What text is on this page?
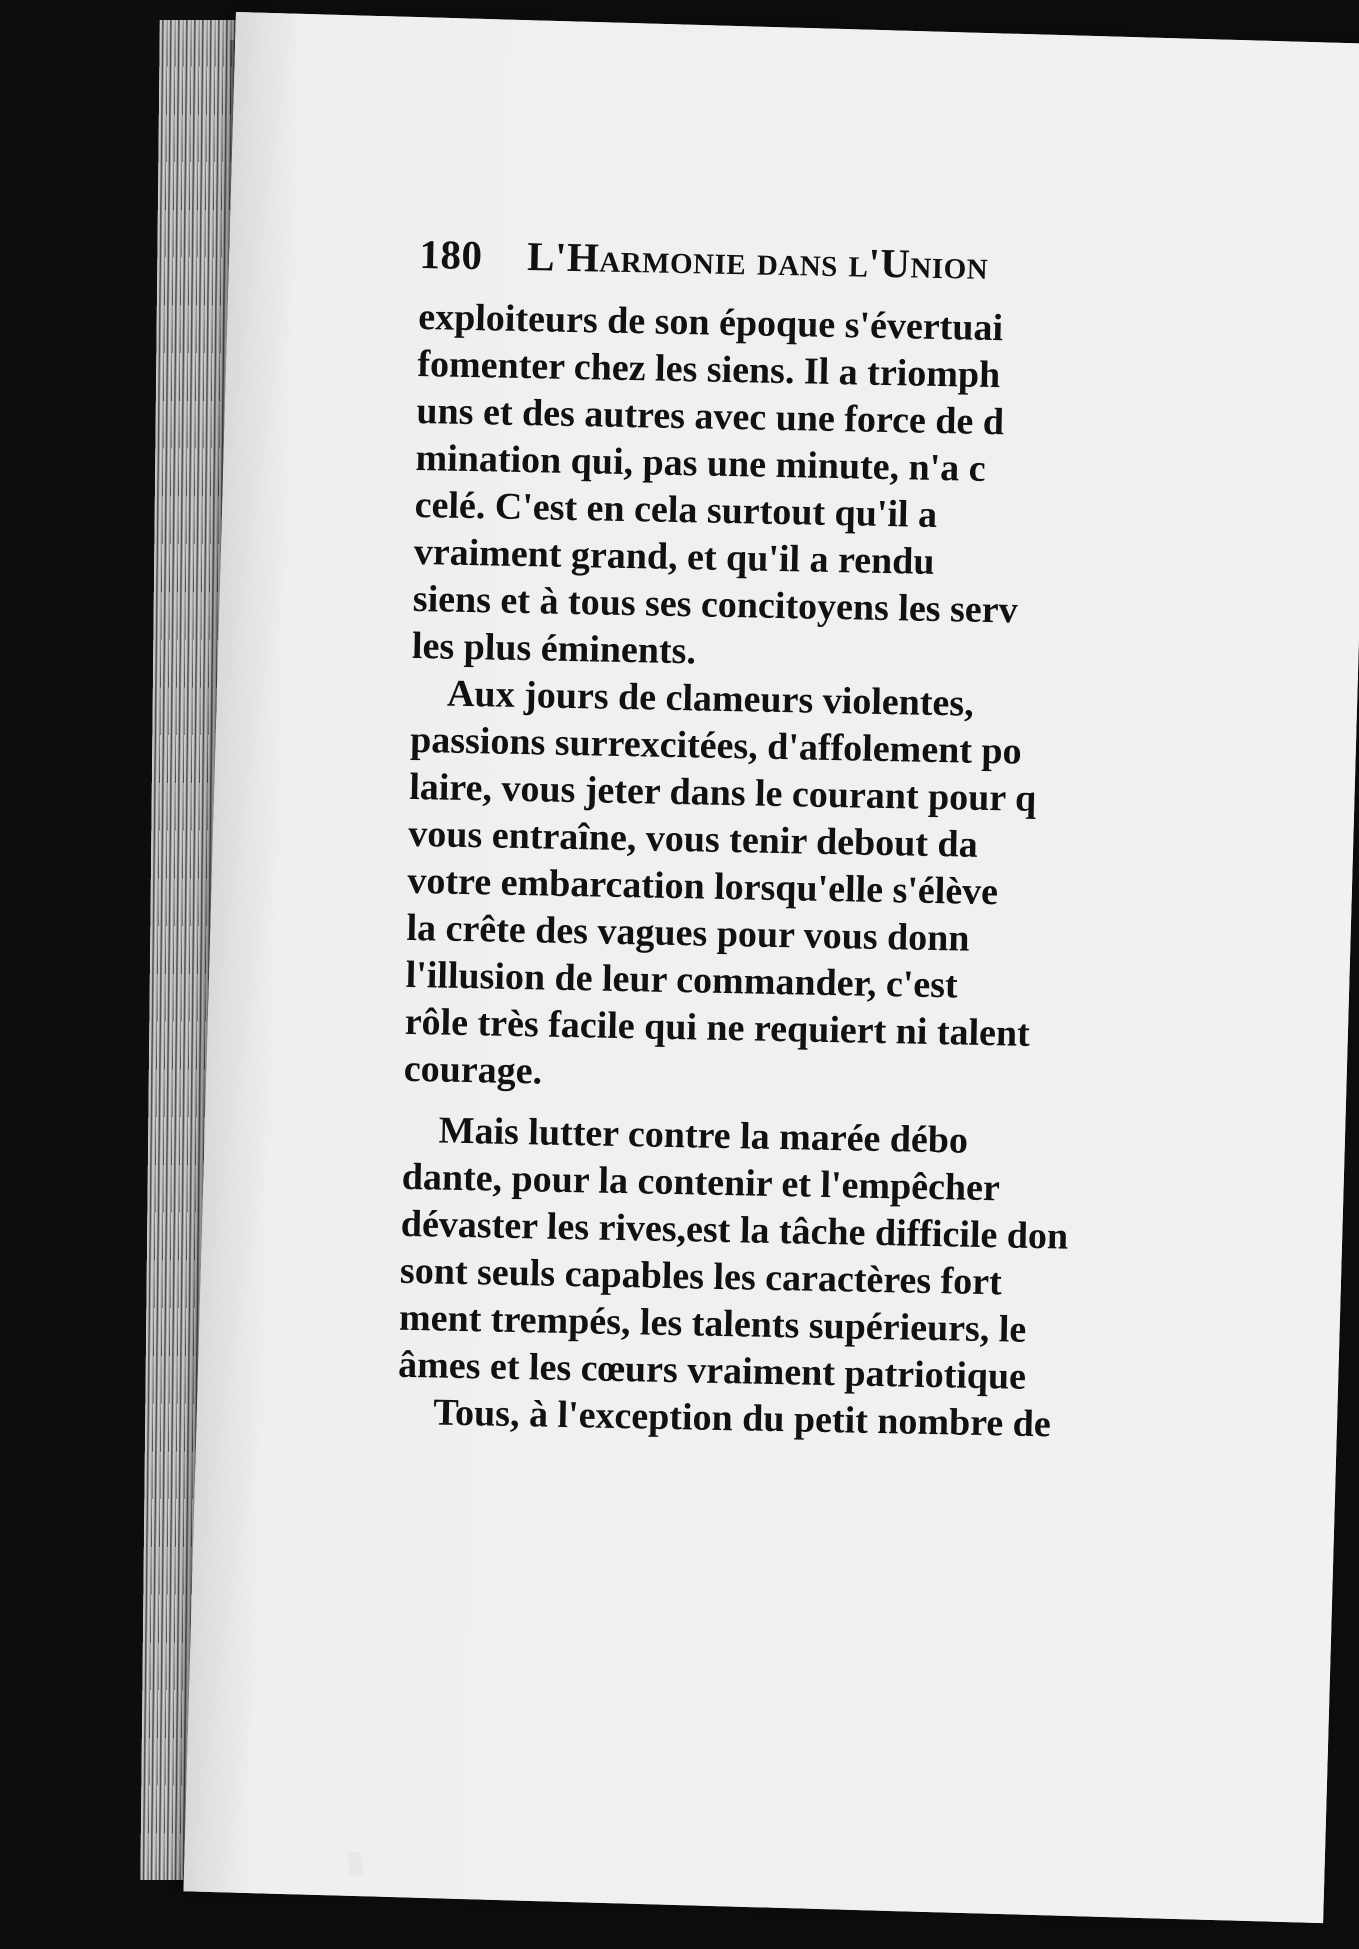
180 L'Harmonie dans l'Union
exploiteurs de son époque s'évertuai
fomenter chez les siens. Il a triomph
uns et des autres avec une force de d
mination qui, pas une minute, n'a c
celé. C'est en cela surtout qu'il a
vraiment grand, et qu'il a rendu
siens et à tous ses concitoyens les serv
les plus éminents.
Aux jours de clameurs violentes,
passions surrexcitées, d'affolement po
laire, vous jeter dans le courant pour q
vous entraîne, vous tenir debout da
votre embarcation lorsqu'elle s'élève
la crête des vagues pour vous donn
l'illusion de leur commander, c'est
rôle très facile qui ne requiert ni talent
courage.
Mais lutter contre la marée débo
dante, pour la contenir et l'empêcher
dévaster les rives,est la tâche difficile don
sont seuls capables les caractères fort
ment trempés, les talents supérieurs, le
âmes et les cœurs vraiment patriotique
Tous, à l'exception du petit nombre de
